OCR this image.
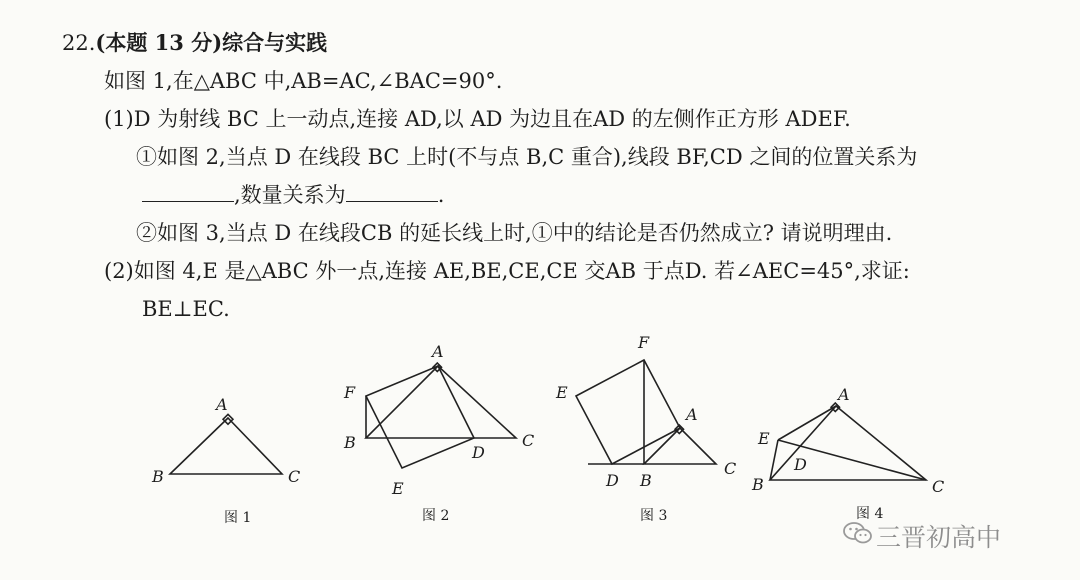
22.(本题 13 分)综合与实践
如图 1,在△ABC 中,AB=AC,∠BAC=90°.
(1)D 为射线 BC 上一动点,连接 AD,以 AD 为边且在AD 的左侧作正方形 ADEF.
①如图 2,当点 D 在线段 BC 上时(不与点 B,C 重合),线段 BF,CD 之间的位置关系为
,数量关系为	.
②如图 3,当点 D 在线段CB 的延长线上时,①中的结论是否仍然成立? 请说明理由.
(2)如图 4,E 是△ABC 外一点,连接 AE,BE,CE,CE 交AB 于点D. 若∠AEC=45°,求证:
BE⊥EC.
A
B	C
A
F
B	C
D
E
F
E
A
C
D B
A
E
D
B	C
图 1	图 2	图 3	图 4
三晋初高中
